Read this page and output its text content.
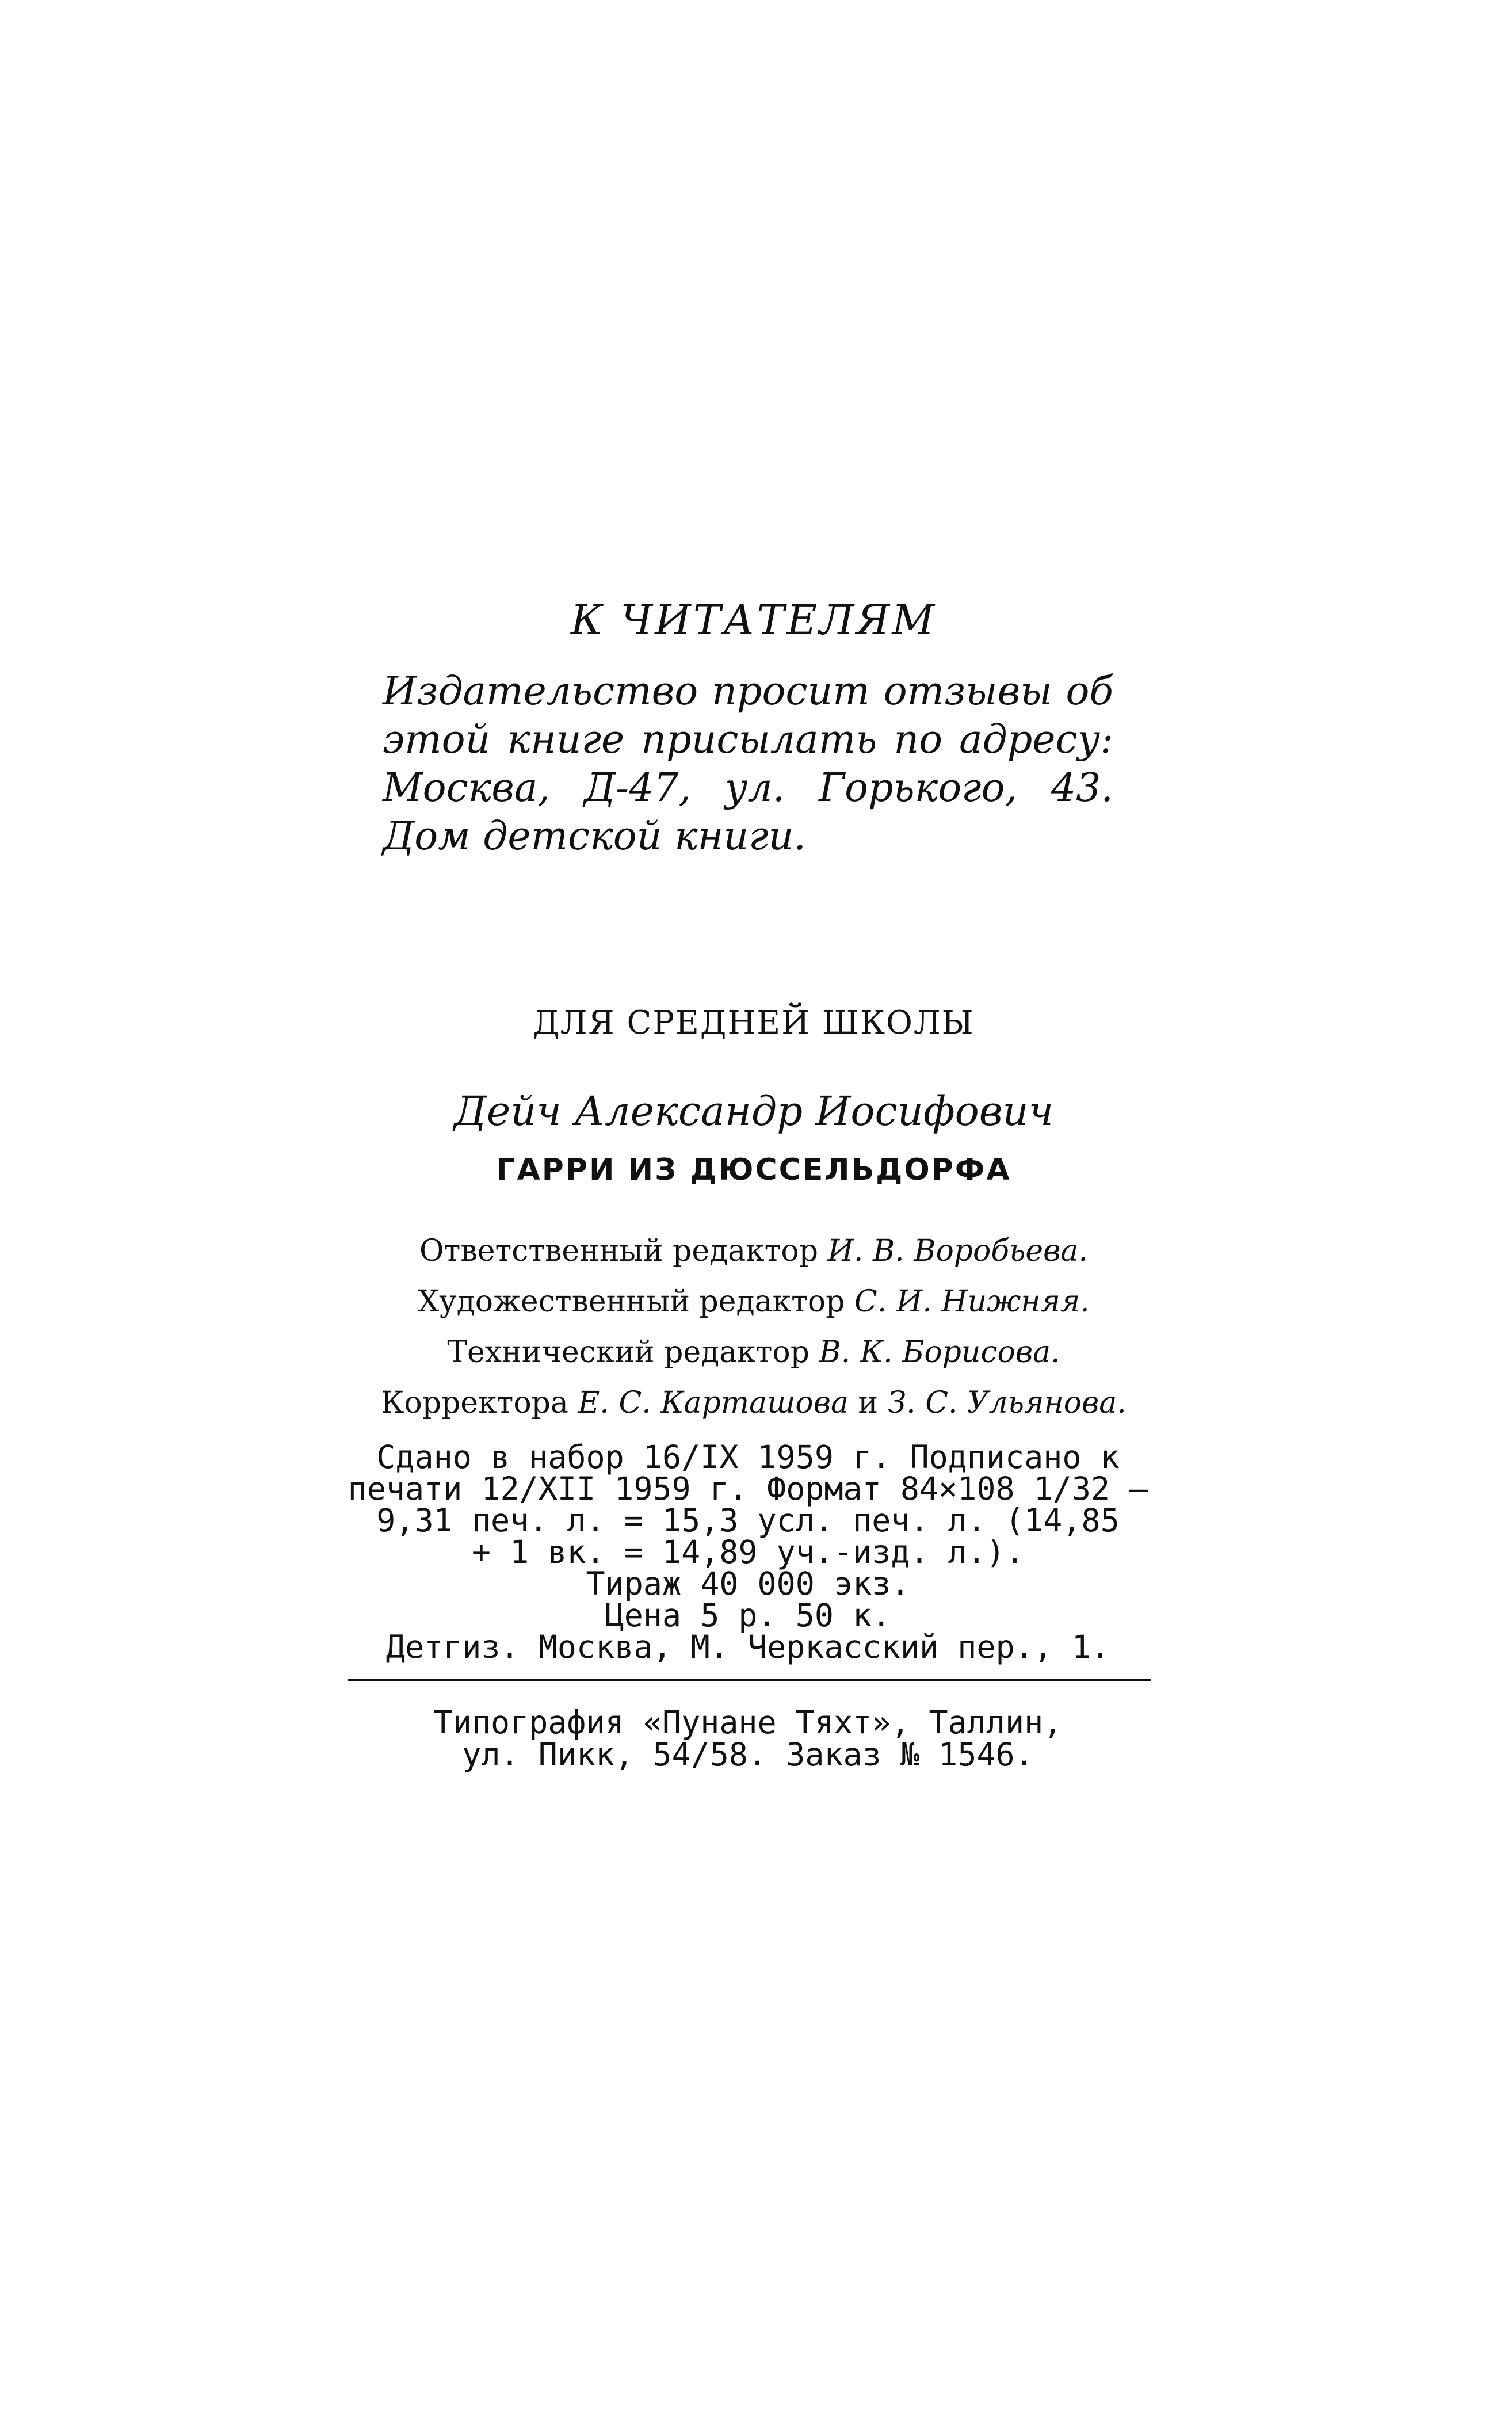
К ЧИТАТЕЛЯМ
Издательство просит отзывы об этой книге присылать по адресу: Москва, Д-47, ул. Горького, 43. Дом детской книги.
ДЛЯ СРЕДНЕЙ ШКОЛЫ
Дейч Александр Иосифович
ГАРРИ ИЗ ДЮССЕЛЬДОРФА
Ответственный редактор И. В. Воробьева.
Художественный редактор С. И. Нижняя.
Технический редактор В. К. Борисова.
Корректора Е. С. Карташова и З. С. Ульянова.
Сдано в набор 16/IX 1959 г. Подписано к
печати 12/XII 1959 г. Формат 84×108 1/32 —
9,31 печ. л. = 15,3 усл. печ. л. (14,85
+ 1 вк. = 14,89 уч.-изд. л.).
Тираж 40 000 экз.
Цена 5 р. 50 к.
Детгиз. Москва, М. Черкасский пер., 1.
Типография «Пунане Тяхт», Таллин,
ул. Пикк, 54/58. Заказ № 1546.
